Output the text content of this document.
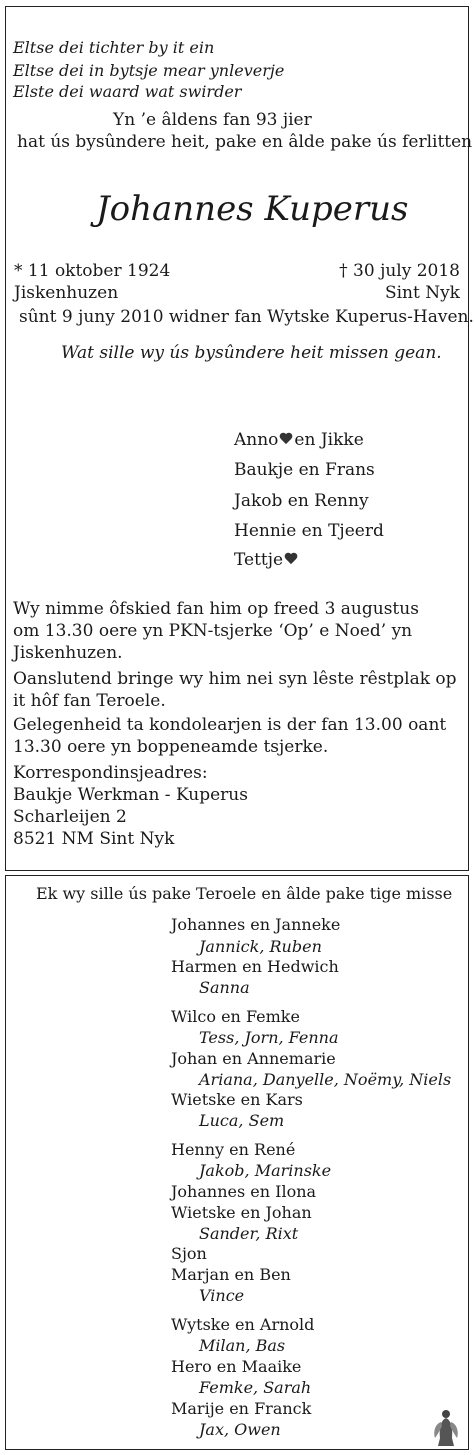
Eltse dei tichter by it ein
Eltse dei in bytsje mear ynleverje
Elste dei waard wat swirder
Yn ’e âldens fan 93 jier
hat ús bysûndere heit, pake en âlde pake ús ferlitten
Johannes Kuperus
* 11 oktober 1924
Jiskenhuzen
† 30 july 2018
Sint Nyk
sûnt 9 juny 2010 widner fan Wytske Kuperus-Haven.
Wat sille wy ús bysûndere heit missen gean.
Anno en Jikke
Baukje en Frans
Jakob en Renny
Hennie en Tjeerd
Tettje
Wy nimme ôfskied fan him op freed 3 augustus
om 13.30 oere yn PKN-tsjerke ‘Op’ e Noed’ yn
Jiskenhuzen.
Oanslutend bringe wy him nei syn lêste rêstplak op
it hôf fan Teroele.
Gelegenheid ta kondolearjen is der fan 13.00 oant
13.30 oere yn boppeneamde tsjerke.
Korrespondinsjeadres:
Baukje Werkman - Kuperus
Scharleijen 2
8521 NM Sint Nyk
Ek wy sille ús pake Teroele en âlde pake tige misse
Johannes en Janneke
Jannick, Ruben
Harmen en Hedwich
Sanna
Wilco en Femke
Tess, Jorn, Fenna
Johan en Annemarie
Ariana, Danyelle, Noëmy, Niels
Wietske en Kars
Luca, Sem
Henny en René
Jakob, Marinske
Johannes en Ilona
Wietske en Johan
Sander, Rixt
Sjon
Marjan en Ben
Vince
Wytske en Arnold
Milan, Bas
Hero en Maaike
Femke, Sarah
Marije en Franck
Jax, Owen
